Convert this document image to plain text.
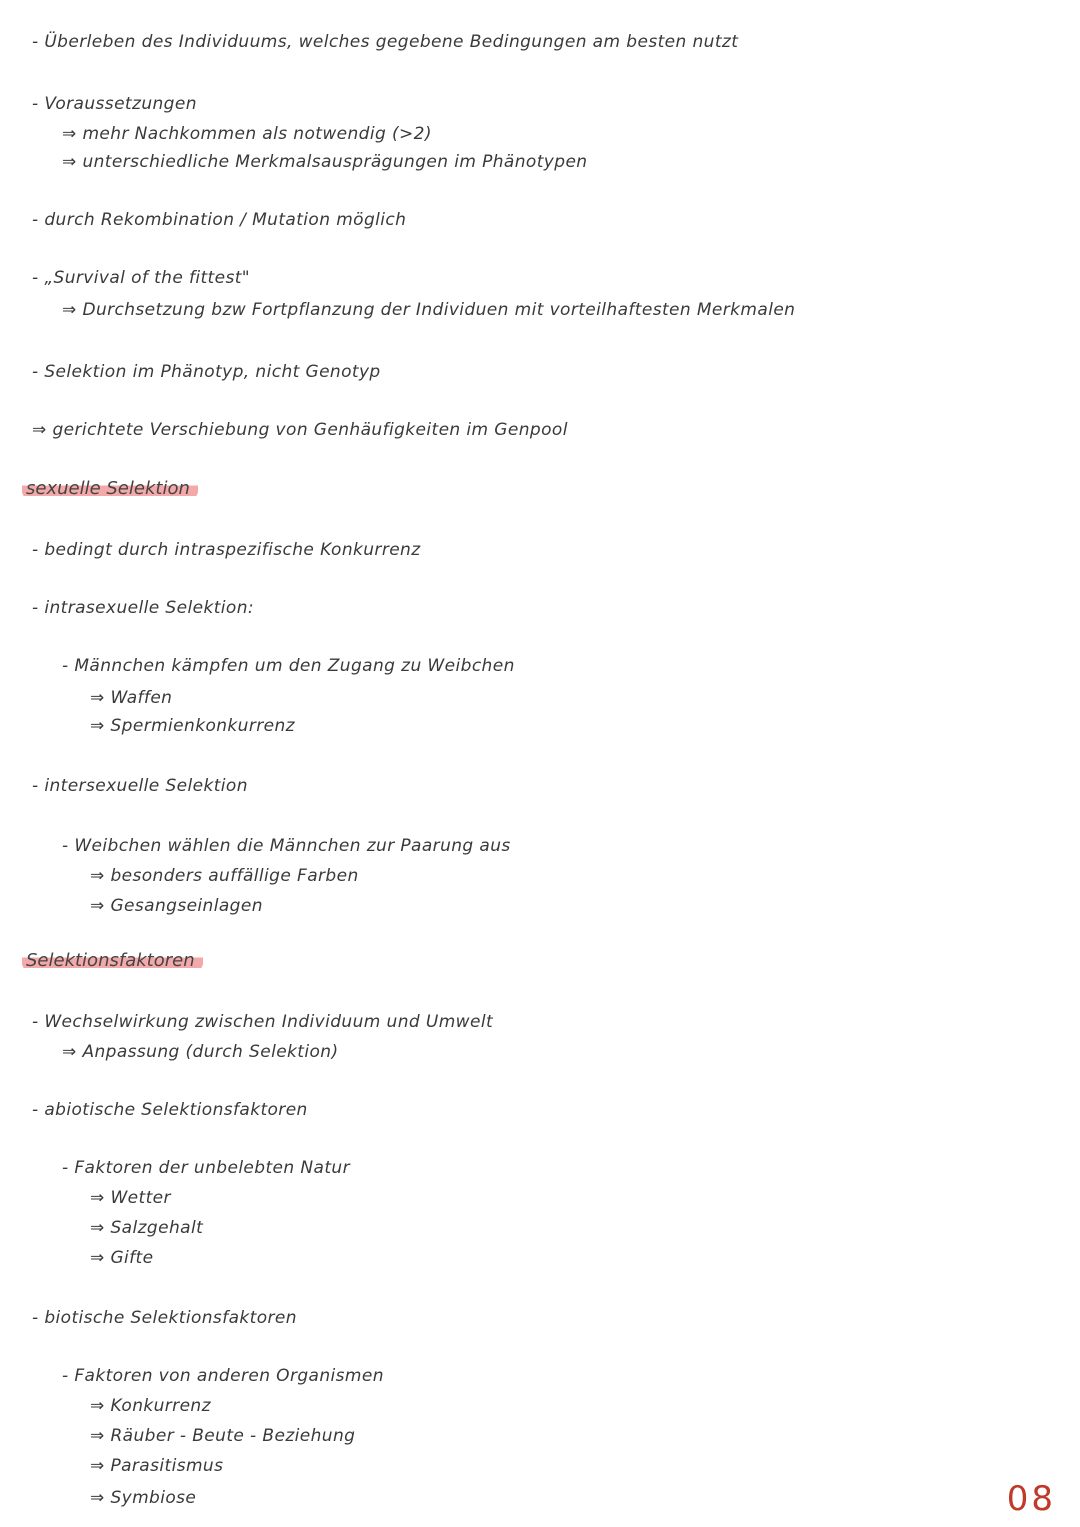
- Überleben des Individuums, welches gegebene Bedingungen am besten nutzt
- Voraussetzungen
⇒ mehr Nachkommen als notwendig (>2)
⇒ unterschiedliche Merkmalsausprägungen im Phänotypen
- durch Rekombination / Mutation möglich
- „Survival of the fittest"
⇒ Durchsetzung bzw Fortpflanzung der Individuen mit vorteilhaftesten Merkmalen
- Selektion im Phänotyp, nicht Genotyp
⇒ gerichtete Verschiebung von Genhäufigkeiten im Genpool
sexuelle Selektion
- bedingt durch intraspezifische Konkurrenz
- intrasexuelle Selektion:
- Männchen kämpfen um den Zugang zu Weibchen
⇒ Waffen
⇒ Spermienkonkurrenz
- intersexuelle Selektion
- Weibchen wählen die Männchen zur Paarung aus
⇒ besonders auffällige Farben
⇒ Gesangseinlagen
Selektionsfaktoren
- Wechselwirkung zwischen Individuum und Umwelt
⇒ Anpassung (durch Selektion)
- abiotische Selektionsfaktoren
- Faktoren der unbelebten Natur
⇒ Wetter
⇒ Salzgehalt
⇒ Gifte
- biotische Selektionsfaktoren
- Faktoren von anderen Organismen
⇒ Konkurrenz
⇒ Räuber - Beute - Beziehung
⇒ Parasitismus
⇒ Symbiose	08
